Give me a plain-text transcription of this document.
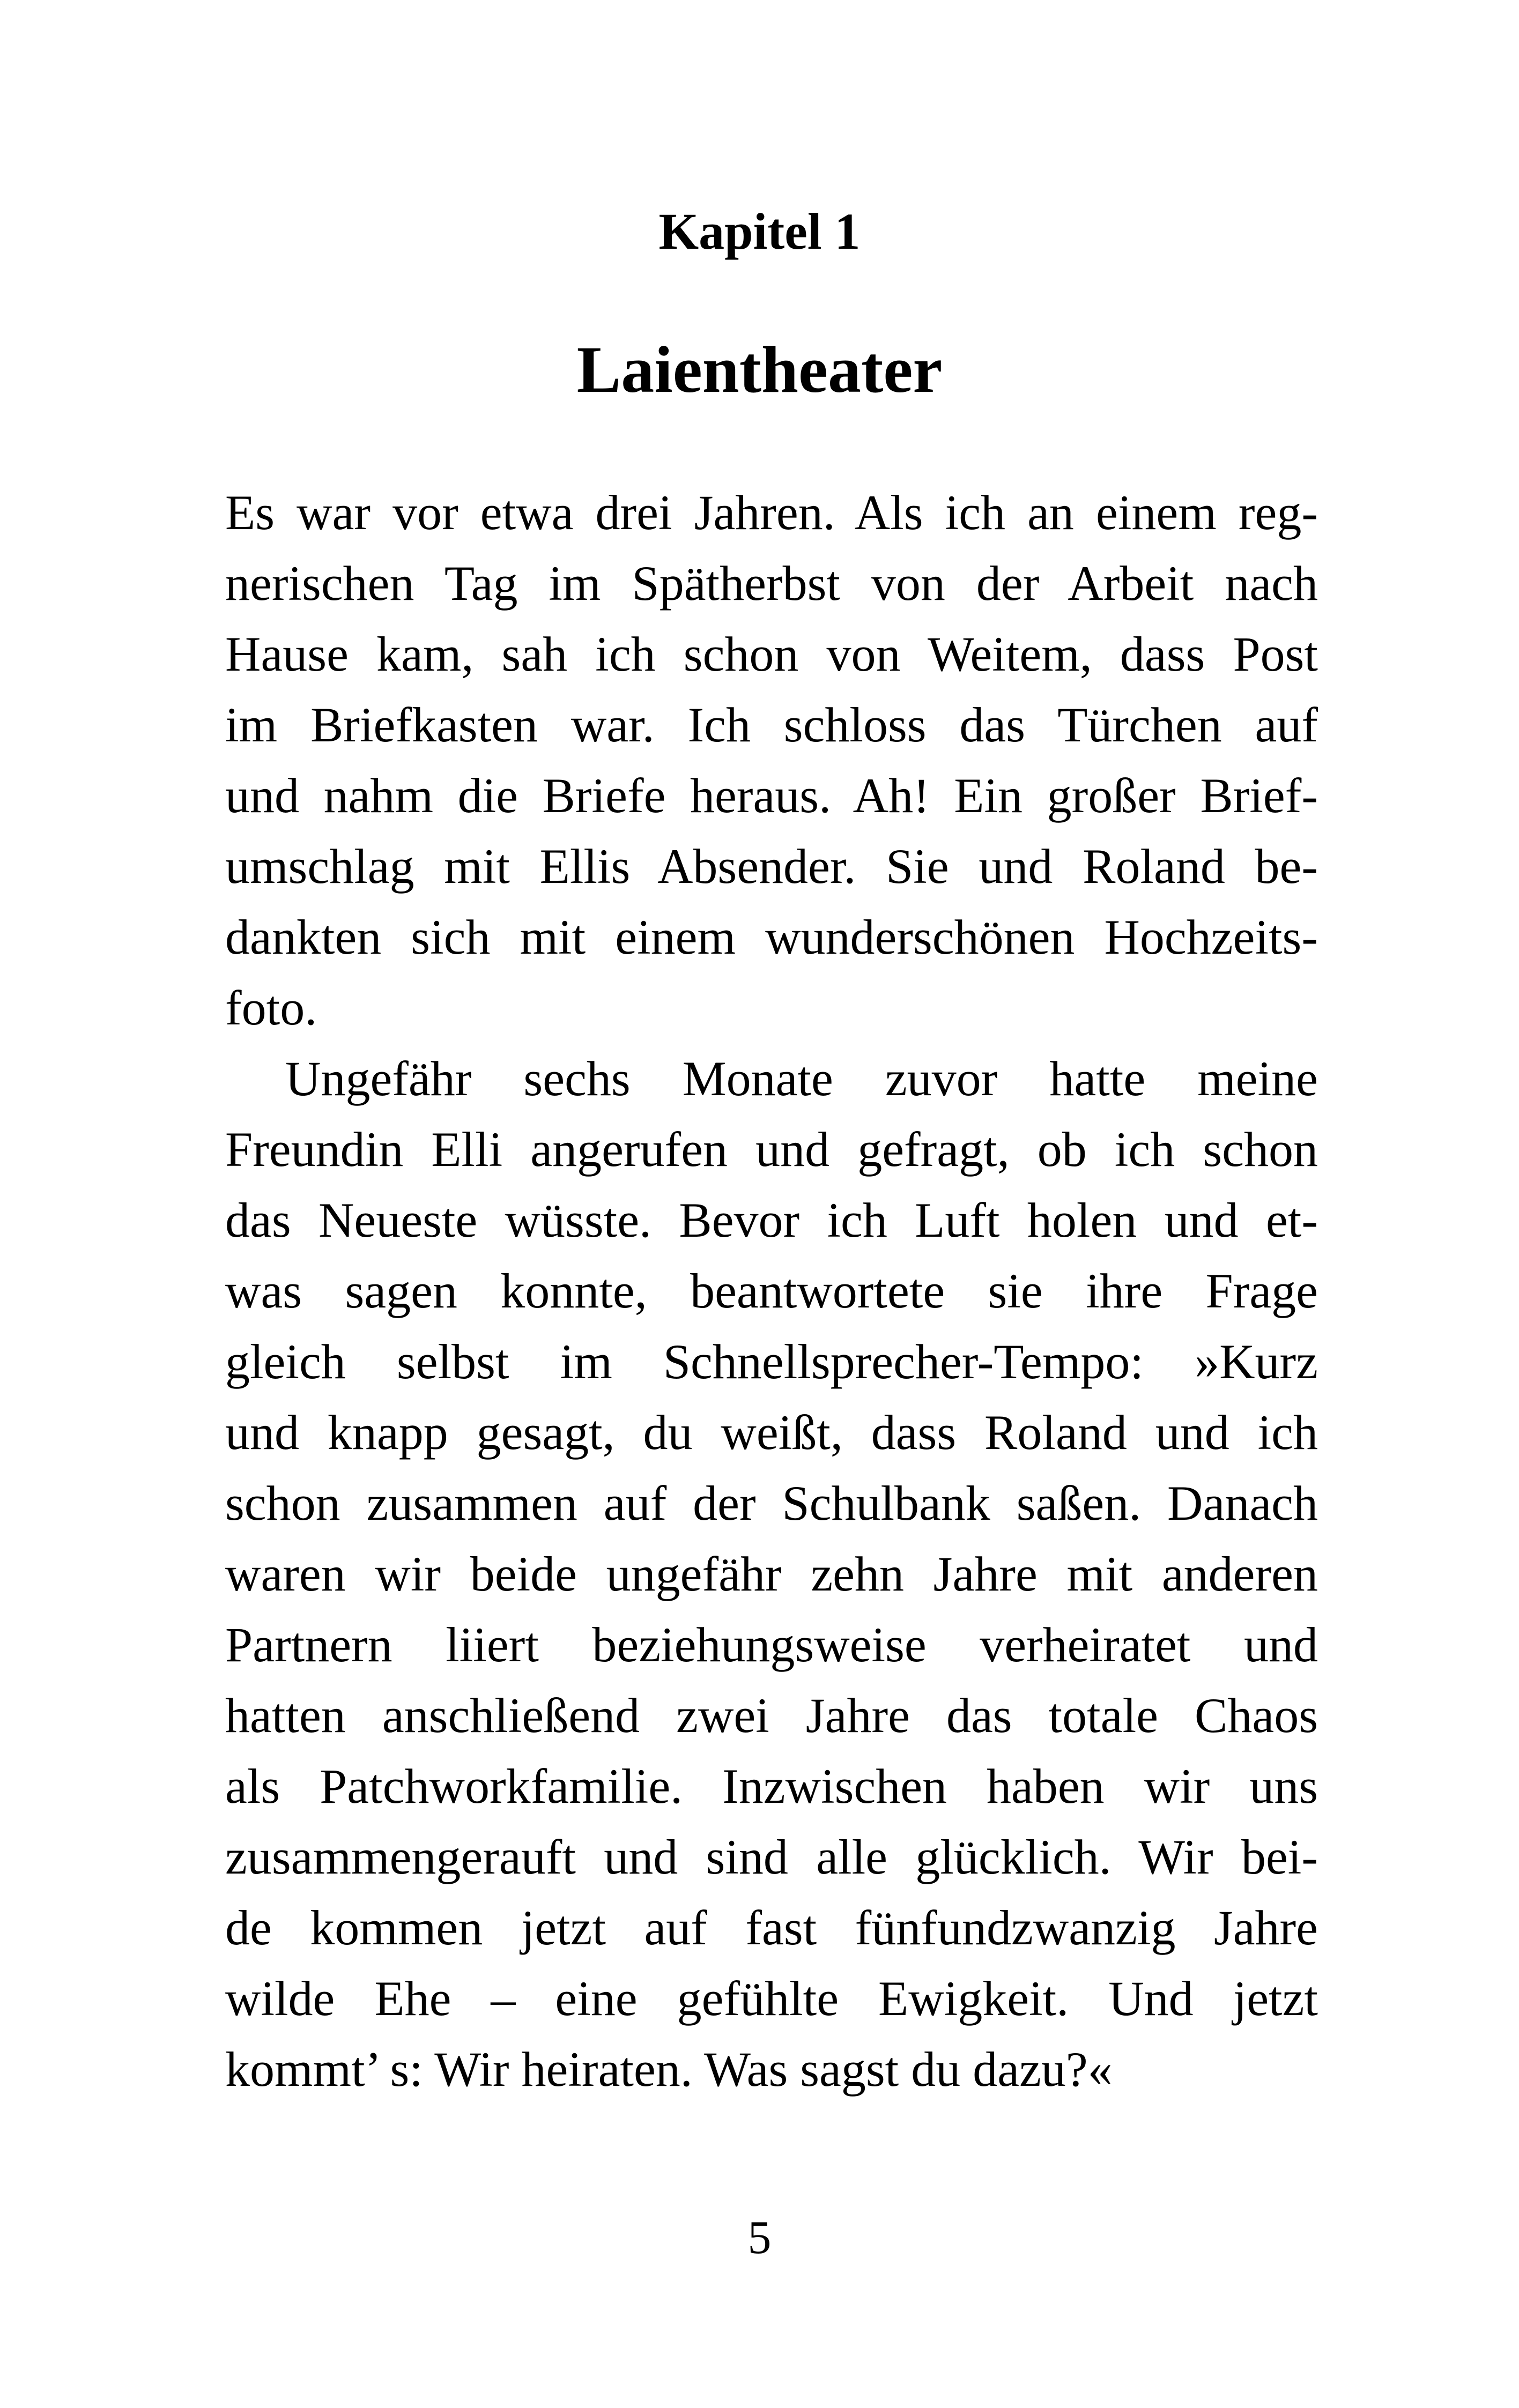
Kapitel 1
Laientheater
Es war vor etwa drei Jahren. Als ich an einem reg-
nerischen Tag im Spätherbst von der Arbeit nach
Hause kam, sah ich schon von Weitem, dass Post
im Briefkasten war. Ich schloss das Türchen auf
und nahm die Briefe heraus. Ah! Ein großer Brief-
umschlag mit Ellis Absender. Sie und Roland be-
dankten sich mit einem wunderschönen Hochzeits-
foto.
Ungefähr sechs Monate zuvor hatte meine
Freundin Elli angerufen und gefragt, ob ich schon
das Neueste wüsste. Bevor ich Luft holen und et-
was sagen konnte, beantwortete sie ihre Frage
gleich selbst im Schnellsprecher-Tempo: »Kurz
und knapp gesagt, du weißt, dass Roland und ich
schon zusammen auf der Schulbank saßen. Danach
waren wir beide ungefähr zehn Jahre mit anderen
Partnern liiert beziehungsweise verheiratet und
hatten anschließend zwei Jahre das totale Chaos
als Patchworkfamilie. Inzwischen haben wir uns
zusammengerauft und sind alle glücklich. Wir bei-
de kommen jetzt auf fast fünfundzwanzig Jahre
wilde Ehe – eine gefühlte Ewigkeit. Und jetzt
kommt’ s: Wir heiraten. Was sagst du dazu?«
5
